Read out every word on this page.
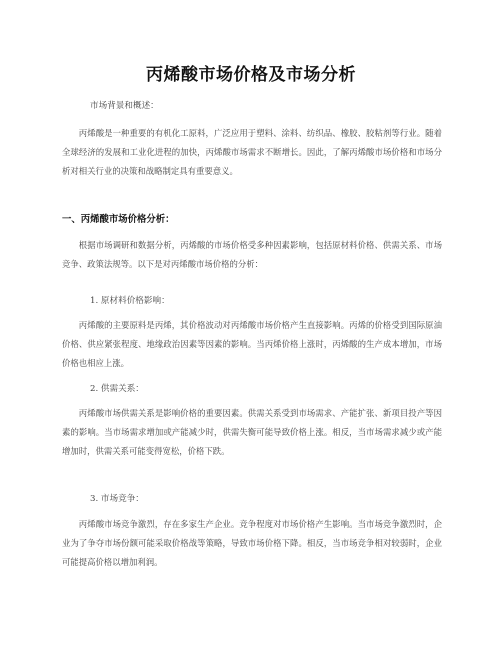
丙烯酸市场价格及市场分析

市场背景和概述：

丙烯酸是一种重要的有机化工原料，广泛应用于塑料、涂料、纺织品、橡胶、胶粘剂等行业。随着全球经济的发展和工业化进程的加快，丙烯酸市场需求不断增长。因此，了解丙烯酸市场价格和市场分析对相关行业的决策和战略制定具有重要意义。

一、丙烯酸市场价格分析：

根据市场调研和数据分析，丙烯酸的市场价格受多种因素影响，包括原材料价格、供需关系、市场竞争、政策法规等。以下是对丙烯酸市场价格的分析：

1. 原材料价格影响：

丙烯酸的主要原料是丙烯，其价格波动对丙烯酸市场价格产生直接影响。丙烯的价格受到国际原油价格、供应紧张程度、地缘政治因素等因素的影响。当丙烯价格上涨时，丙烯酸的生产成本增加，市场价格也相应上涨。

2. 供需关系：

丙烯酸市场供需关系是影响价格的重要因素。供需关系受到市场需求、产能扩张、新项目投产等因素的影响。当市场需求增加或产能减少时，供需失衡可能导致价格上涨。相反，当市场需求减少或产能增加时，供需关系可能变得宽松，价格下跌。

3. 市场竞争：

丙烯酸市场竞争激烈，存在多家生产企业。竞争程度对市场价格产生影响。当市场竞争激烈时，企业为了争夺市场份额可能采取价格战等策略，导致市场价格下降。相反，当市场竞争相对较弱时，企业可能提高价格以增加利润。
